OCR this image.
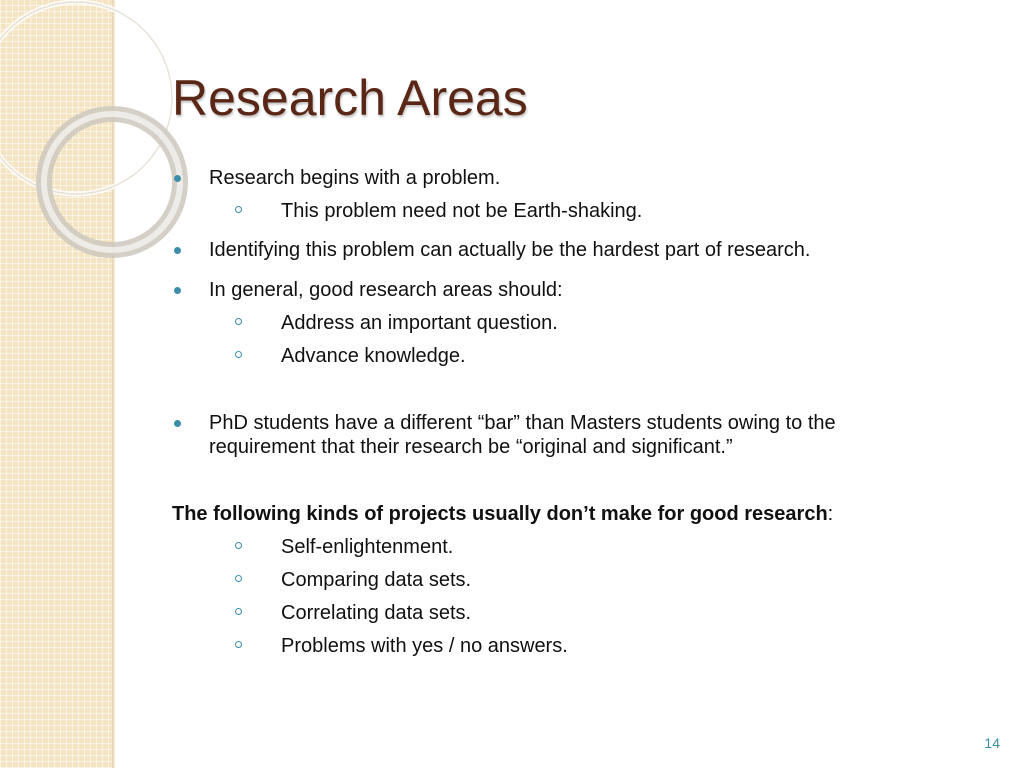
Research Areas
Research begins with a problem.
This problem need not be Earth-shaking.
Identifying this problem can actually be the hardest part of research.
In general, good research areas should:
Address an important question.
Advance knowledge.
PhD students have a different “bar” than Masters students owing to the
requirement that their research be “original and significant.”
The following kinds of projects usually don’t make for good research:
Self-enlightenment.
Comparing data sets.
Correlating data sets.
Problems with yes / no answers.
14
